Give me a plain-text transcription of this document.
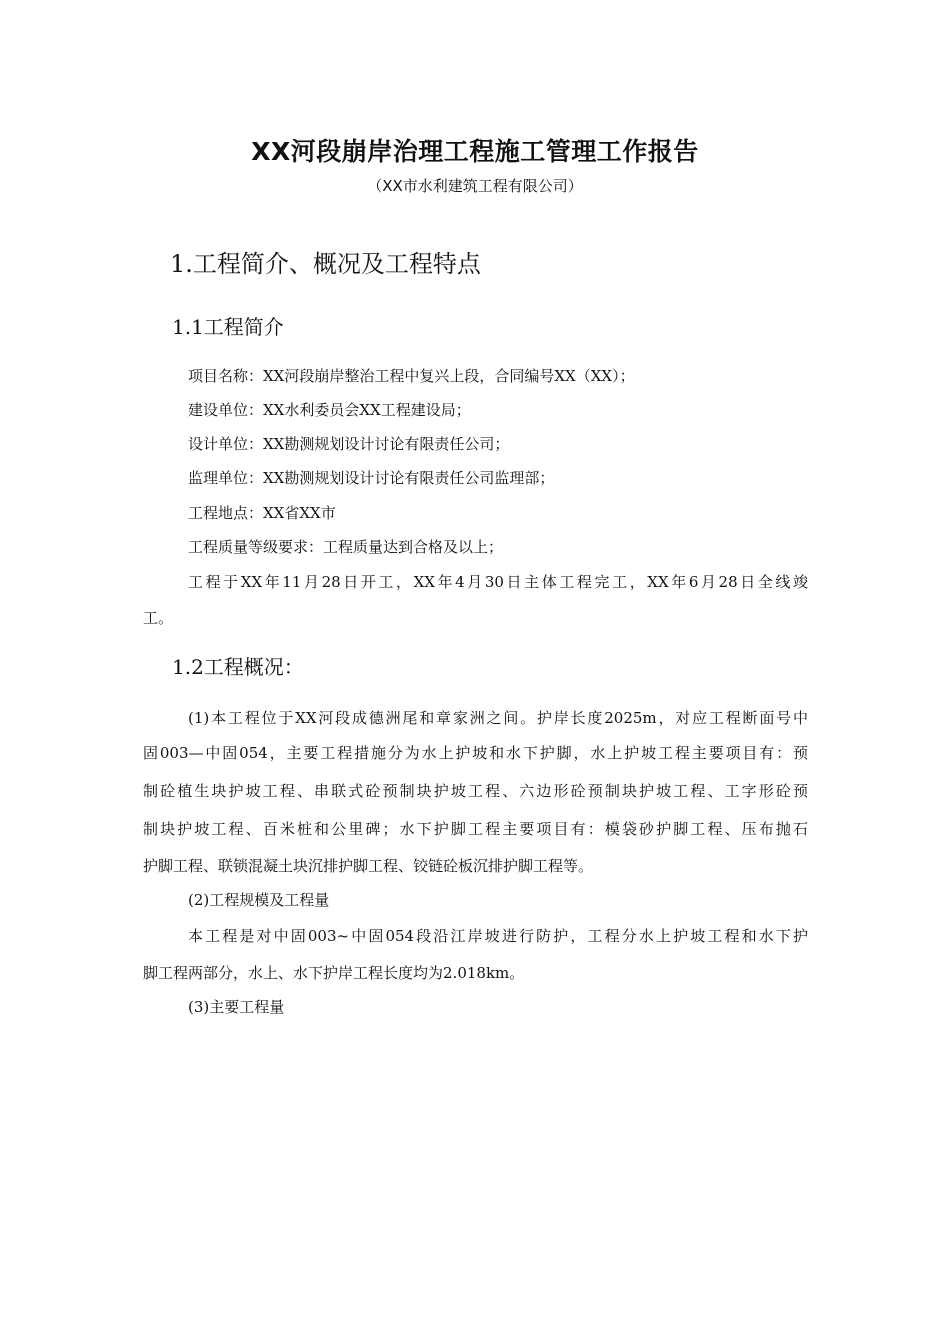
XX河段崩岸治理工程施工管理工作报告
（XX市水利建筑工程有限公司）
1.工程简介、概况及工程特点
1.1工程简介
项目名称：XX河段崩岸整治工程中复兴上段，合同编号XX（XX）；
建设单位：XX水利委员会XX工程建设局；
设计单位：XX勘测规划设计讨论有限责任公司；
监理单位：XX勘测规划设计讨论有限责任公司监理部；
工程地点：XX省XX市
工程质量等级要求：工程质量达到合格及以上；
工程于XX年11月28日开工，XX年4月30日主体工程完工，XX年6月28日全线竣
工。
1.2工程概况：
(1)本工程位于XX河段成德洲尾和章家洲之间。护岸长度2025m，对应工程断面号中
固003—中固054，主要工程措施分为水上护坡和水下护脚，水上护坡工程主要项目有：预
制砼植生块护坡工程、串联式砼预制块护坡工程、六边形砼预制块护坡工程、工字形砼预
制块护坡工程、百米桩和公里碑；水下护脚工程主要项目有：模袋砂护脚工程、压布抛石
护脚工程、联锁混凝土块沉排护脚工程、铰链砼板沉排护脚工程等。
(2)工程规模及工程量
本工程是对中固003~中固054段沿江岸坡进行防护，工程分水上护坡工程和水下护
脚工程两部分，水上、水下护岸工程长度均为2.018km。
(3)主要工程量
